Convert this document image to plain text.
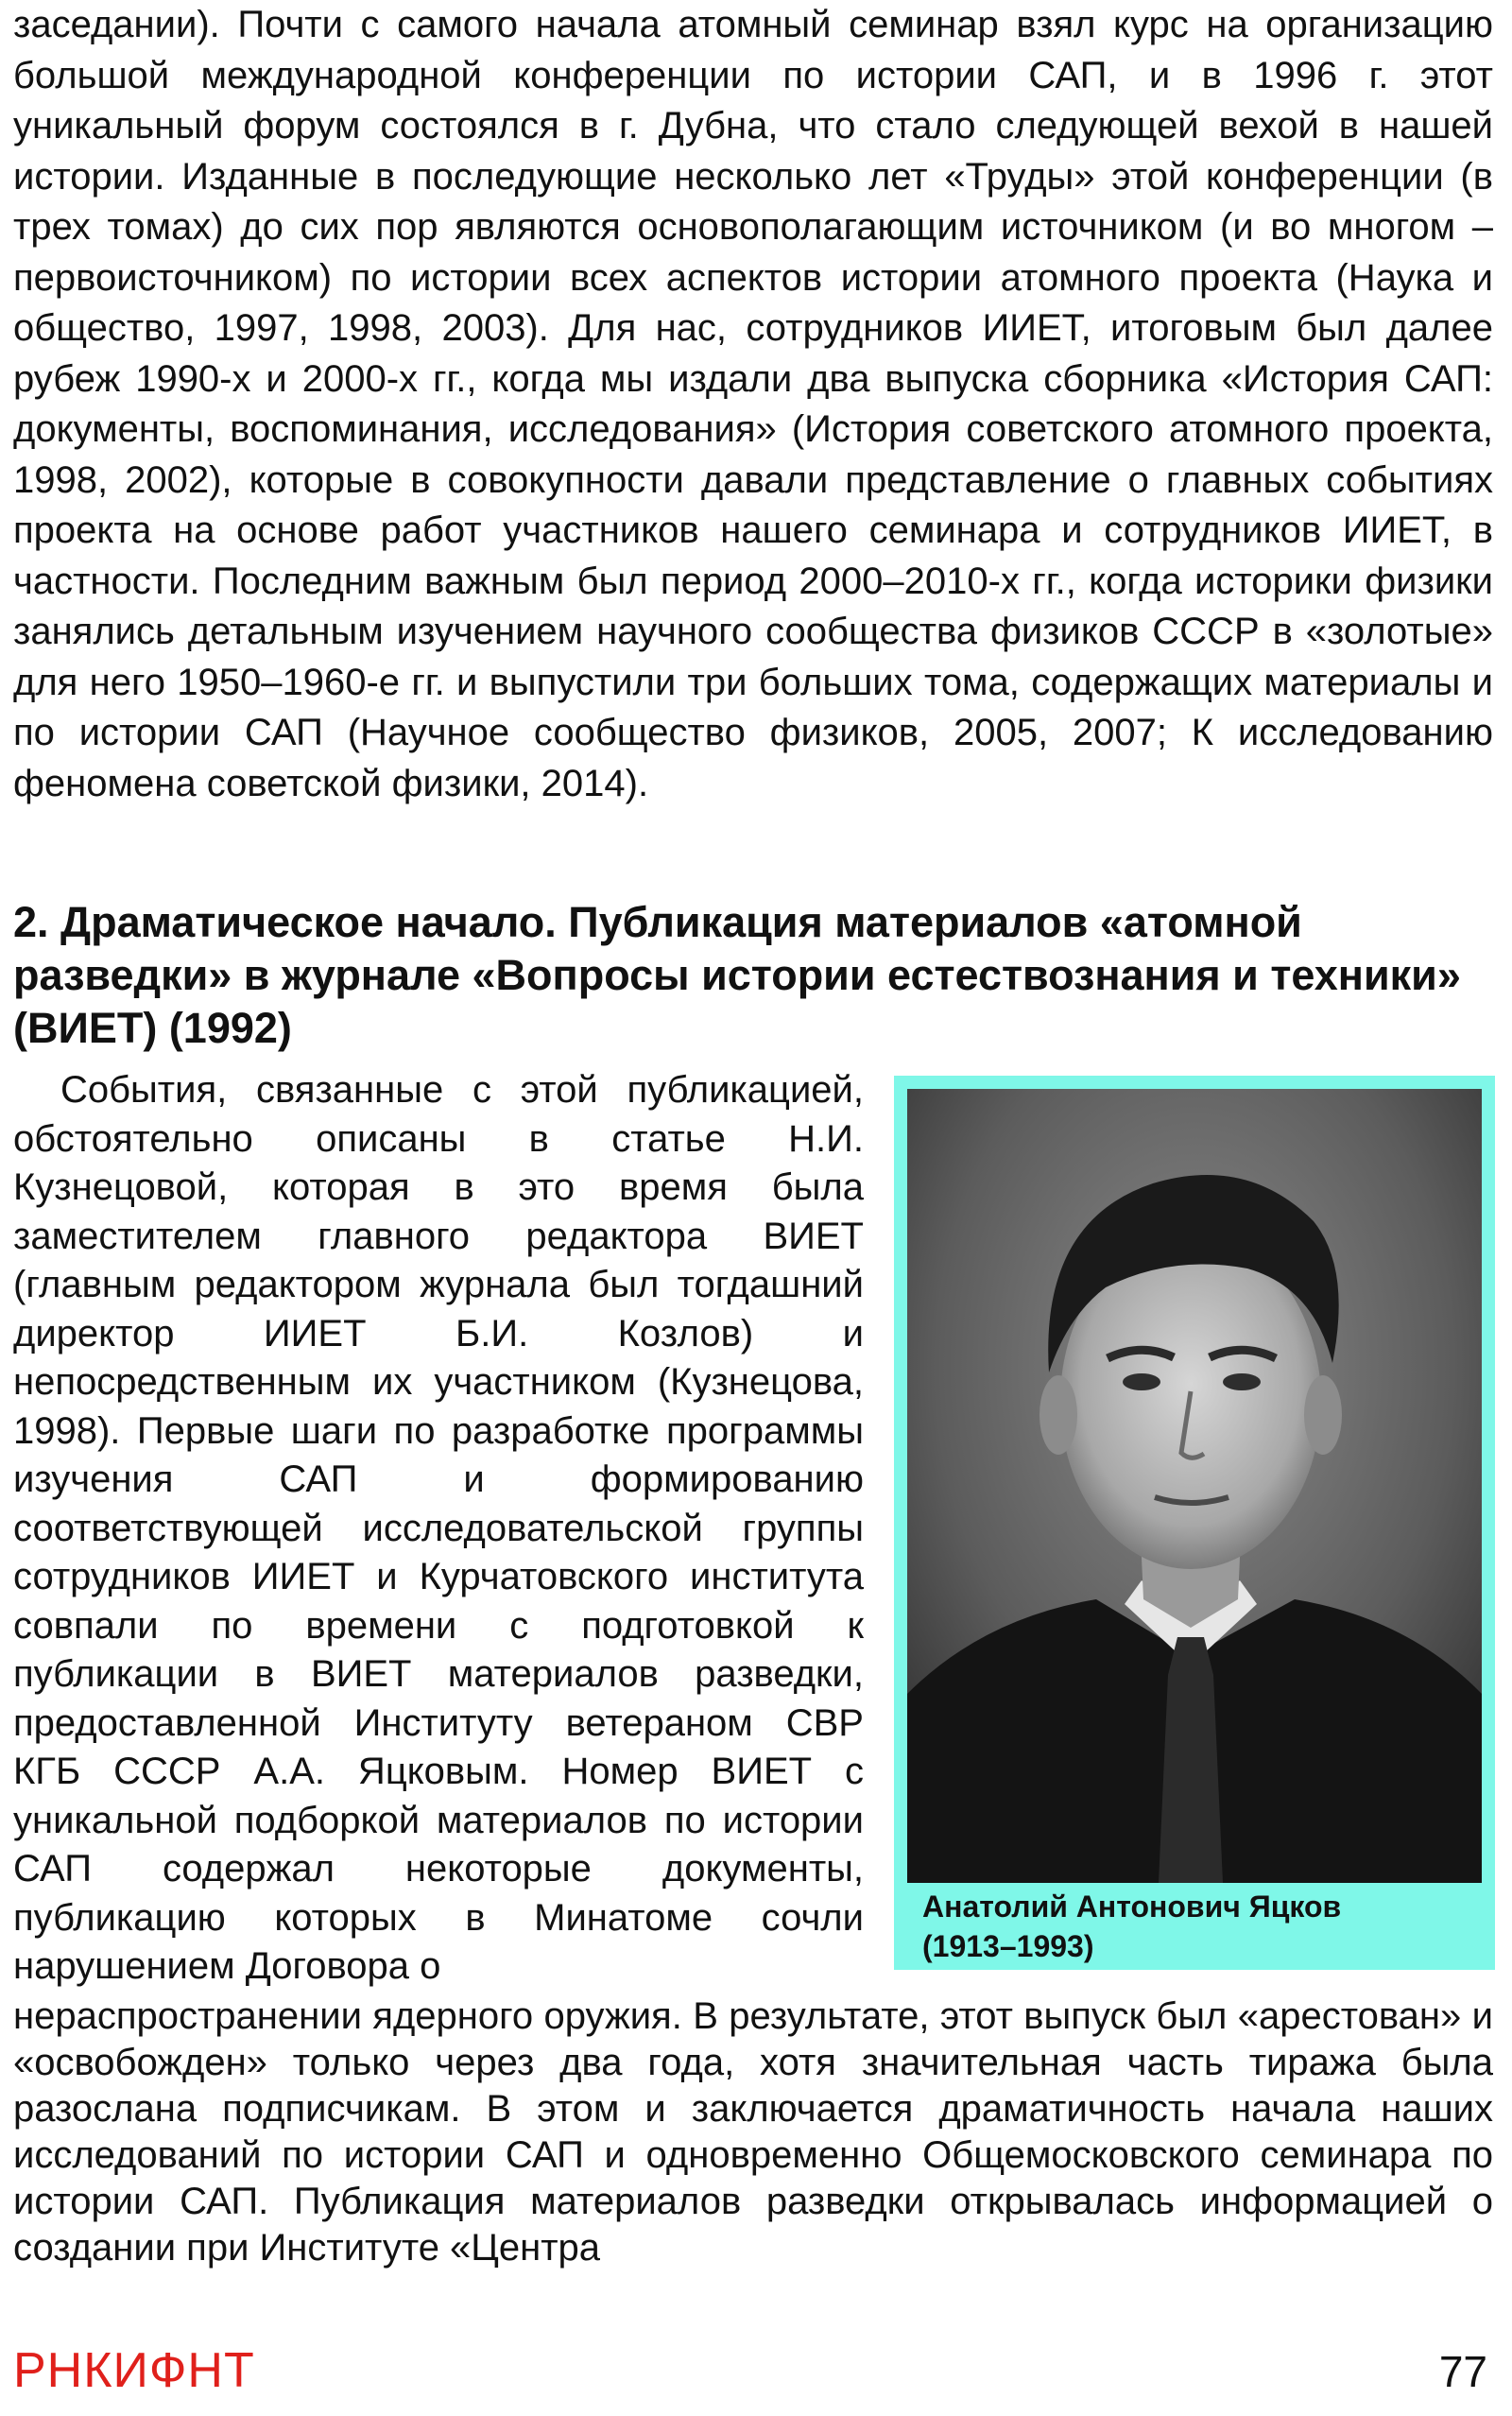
заседании). Почти с самого начала атомный семинар взял курс на организацию большой международной конференции по истории САП, и в 1996 г. этот уникальный форум состоялся в г. Дубна, что стало следующей вехой в нашей истории. Изданные в последующие несколько лет «Труды» этой конференции (в трех томах) до сих пор являются основополагающим источником (и во многом – первоисточником) по истории всех аспектов истории атомного проекта (Наука и общество, 1997, 1998, 2003). Для нас, сотрудников ИИЕТ, итоговым был далее рубеж 1990-х и 2000-х гг., когда мы издали два выпуска сборника «История САП: документы, воспоминания, исследования» (История советского атомного проекта, 1998, 2002), которые в совокупности давали представление о главных событиях проекта на основе работ участников нашего семинара и сотрудников ИИЕТ, в частности. Последним важным был период 2000–2010-х гг., когда историки физики занялись детальным изучением научного сообщества физиков СССР в «золотые» для него 1950–1960-е гг. и выпустили три больших тома, содержащих материалы и по истории САП (Научное сообщество физиков, 2005, 2007; К исследованию феномена советской физики, 2014).

2. Драматическое начало. Публикация материалов «атомной разведки» в журнале «Вопросы истории естествознания и техники» (ВИЕТ) (1992)

События, связанные с этой публикацией, обстоятельно описаны в статье Н.И. Кузнецовой, которая в это время была заместителем главного редактора ВИЕТ (главным редактором журнала был тогдашний директор ИИЕТ Б.И. Козлов) и непосредственным их участником (Кузнецова, 1998). Первые шаги по разработке программы изучения САП и формированию соответствующей исследовательской группы сотрудников ИИЕТ и Курчатовского института совпали по времени с подготовкой к публикации в ВИЕТ материалов разведки, предоставленной Институту ветераном СВР КГБ СССР А.А. Яцковым. Номер ВИЕТ с уникальной подборкой материалов по истории САП содержал некоторые документы, публикацию которых в Минатоме сочли нарушением Договора о

Анатолий Антонович Яцков
(1913–1993)

нераспространении ядерного оружия. В результате, этот выпуск был «арестован» и «освобожден» только через два года, хотя значительная часть тиража была разослана подписчикам. В этом и заключается драматичность начала наших исследований по истории САП и одновременно Общемосковского семинара по истории САП. Публикация материалов разведки открывалась информацией о создании при Институте «Центра

РНКИФНТ	77
